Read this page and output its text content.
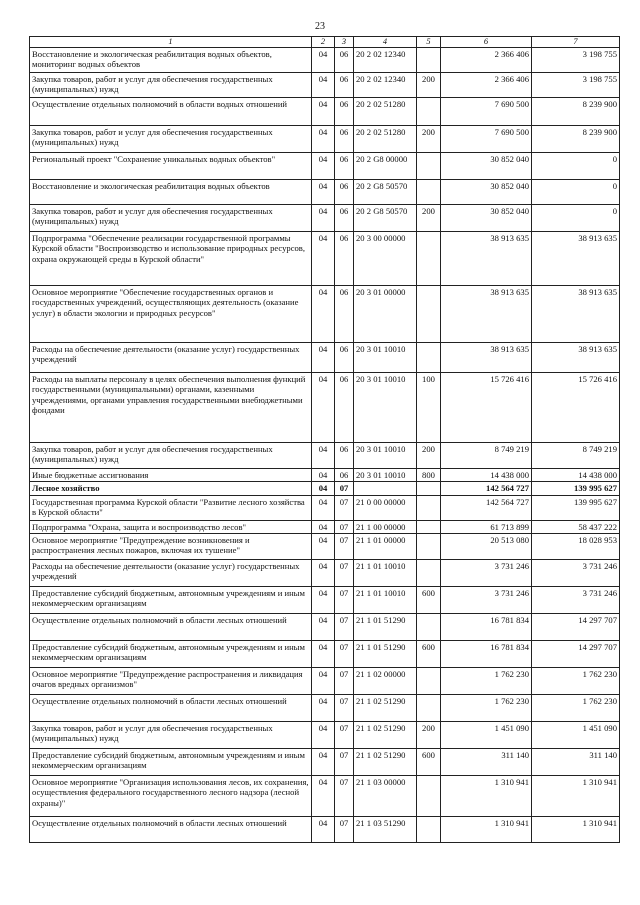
23
1	2	3	4	5	6	7
Восстановление и экологическая реабилитация водных объектов, мониторинг водных объектов	04	06	20 2 02 12340		2 366 406	3 198 755
Закупка товаров, работ и услуг для обеспечения государственных (муниципальных) нужд	04	06	20 2 02 12340	200	2 366 406	3 198 755
Осуществление отдельных полномочий в области водных отношений	04	06	20 2 02 51280		7 690 500	8 239 900
Закупка товаров, работ и услуг для обеспечения государственных (муниципальных) нужд	04	06	20 2 02 51280	200	7 690 500	8 239 900
Региональный проект "Сохранение уникальных водных объектов"	04	06	20 2 G8 00000		30 852 040	0
Восстановление и экологическая реабилитация водных объектов	04	06	20 2 G8 50570		30 852 040	0
Закупка товаров, работ и услуг для обеспечения государственных (муниципальных) нужд	04	06	20 2 G8 50570	200	30 852 040	0
Подпрограмма "Обеспечение реализации государственной программы Курской области "Воспроизводство и использование природных ресурсов, охрана окружающей среды в Курской области"	04	06	20 3 00 00000		38 913 635	38 913 635
Основное мероприятие "Обеспечение государственных органов и государственных учреждений, осуществляющих деятельность (оказание услуг) в области экологии и природных ресурсов"	04	06	20 3 01 00000		38 913 635	38 913 635
Расходы на обеспечение деятельности (оказание услуг) государственных учреждений	04	06	20 3 01 10010		38 913 635	38 913 635
Расходы на выплаты персоналу в целях обеспечения выполнения функций государственными (муниципальными) органами, казенными учреждениями, органами управления государственными внебюджетными фондами	04	06	20 3 01 10010	100	15 726 416	15 726 416
Закупка товаров, работ и услуг для обеспечения государственных (муниципальных) нужд	04	06	20 3 01 10010	200	8 749 219	8 749 219
Иные бюджетные ассигнования	04	06	20 3 01 10010	800	14 438 000	14 438 000
Лесное хозяйство	04	07			142 564 727	139 995 627
Государственная программа Курской области "Развитие лесного хозяйства в Курской области"	04	07	21 0 00 00000		142 564 727	139 995 627
Подпрограмма "Охрана, защита и воспроизводство лесов"	04	07	21 1 00 00000		61 713 899	58 437 222
Основное мероприятие "Предупреждение возникновения и распространения лесных пожаров, включая их тушение"	04	07	21 1 01 00000		20 513 080	18 028 953
Расходы на обеспечение деятельности (оказание услуг) государственных учреждений	04	07	21 1 01 10010		3 731 246	3 731 246
Предоставление субсидий бюджетным, автономным учреждениям и иным некоммерческим организациям	04	07	21 1 01 10010	600	3 731 246	3 731 246
Осуществление отдельных полномочий в области лесных отношений	04	07	21 1 01 51290		16 781 834	14 297 707
Предоставление субсидий бюджетным, автономным учреждениям и иным некоммерческим организациям	04	07	21 1 01 51290	600	16 781 834	14 297 707
Основное мероприятие "Предупреждение распространения и ликвидация очагов вредных организмов"	04	07	21 1 02 00000		1 762 230	1 762 230
Осуществление отдельных полномочий в области лесных отношений	04	07	21 1 02 51290		1 762 230	1 762 230
Закупка товаров, работ и услуг для обеспечения государственных (муниципальных) нужд	04	07	21 1 02 51290	200	1 451 090	1 451 090
Предоставление субсидий бюджетным, автономным учреждениям и иным некоммерческим организациям	04	07	21 1 02 51290	600	311 140	311 140
Основное мероприятие "Организация использования лесов, их сохранения, осуществления федерального государственного лесного надзора (лесной охраны)"	04	07	21 1 03 00000		1 310 941	1 310 941
Осуществление отдельных полномочий в области лесных отношений	04	07	21 1 03 51290		1 310 941	1 310 941
